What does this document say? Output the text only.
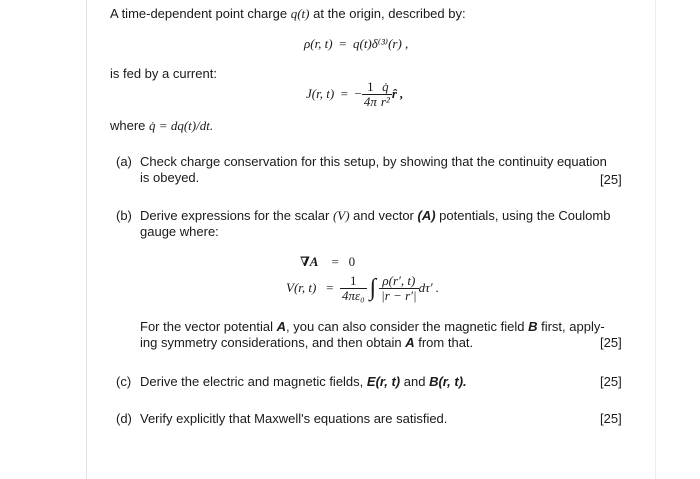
A time-dependent point charge q(t) at the origin, described by:
ρ(r, t) = q(t)δ⁽³⁾(r) ,
is fed by a current:
J(r, t)
=
− $\frac{1}{4\pi} \frac{q̇}{\text{r²}}$ r̂ ,
where q̇ = dq(t)/dt.
(a) Check charge conservation for this setup, by showing that the continuity equation
is obeyed.	[25]
(b) Derive expressions for the scalar (V) and vector (A) potentials, using the Coulomb
gauge where:
∇A = 0
V(r, t)
=
$\frac{1}{\text{4πε₀}}$ ∫ $\frac{\rho(r', t)}{|r - r'|} d\tau'$ .
For the vector potential A, you can also consider the magnetic field B first, apply-
ing symmetry considerations, and then obtain A from that.	[25]
(c) Derive the electric and magnetic fields, E(r, t) and B(r, t).	[25]
(d) Verify explicitly that Maxwell's equations are satisfied.	[25]
